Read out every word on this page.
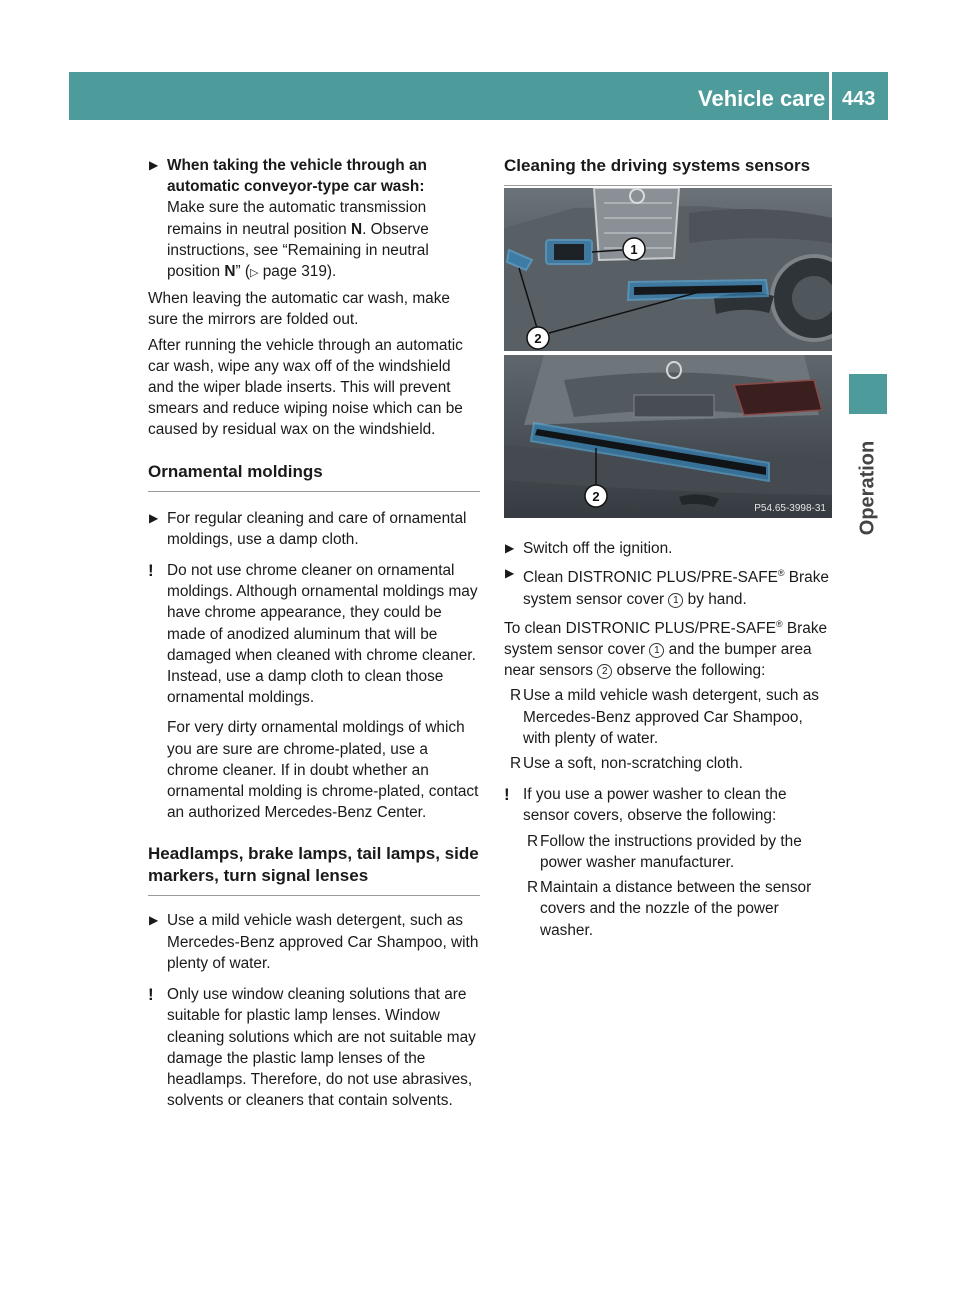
Vehicle care 443
Operation

▶ When taking the vehicle through an automatic conveyor-type car wash:
Make sure the automatic transmission remains in neutral position N. Observe instructions, see “Remaining in neutral position N” (▷ page 319).

When leaving the automatic car wash, make sure the mirrors are folded out.

After running the vehicle through an automatic car wash, wipe any wax off of the windshield and the wiper blade inserts. This will prevent smears and reduce wiping noise which can be caused by residual wax on the windshield.

Ornamental moldings

▶ For regular cleaning and care of ornamental moldings, use a damp cloth.

! Do not use chrome cleaner on ornamental moldings. Although ornamental moldings may have chrome appearance, they could be made of anodized aluminum that will be damaged when cleaned with chrome cleaner. Instead, use a damp cloth to clean those ornamental moldings.

For very dirty ornamental moldings of which you are sure are chrome-plated, use a chrome cleaner. If in doubt whether an ornamental molding is chrome-plated, contact an authorized Mercedes-Benz Center.

Headlamps, brake lamps, tail lamps, side markers, turn signal lenses

▶ Use a mild vehicle wash detergent, such as Mercedes-Benz approved Car Shampoo, with plenty of water.

! Only use window cleaning solutions that are suitable for plastic lamp lenses. Window cleaning solutions which are not suitable may damage the plastic lamp lenses of the headlamps. Therefore, do not use abrasives, solvents or cleaners that contain solvents.

Cleaning the driving systems sensors

1
2
2
P54.65-3998-31

▶ Switch off the ignition.

▶ Clean DISTRONIC PLUS/PRE-SAFE® Brake system sensor cover 1 by hand.

To clean DISTRONIC PLUS/PRE-SAFE® Brake system sensor cover 1 and the bumper area near sensors 2 observe the following:

R Use a mild vehicle wash detergent, such as Mercedes-Benz approved Car Shampoo, with plenty of water.

R Use a soft, non-scratching cloth.

! If you use a power washer to clean the sensor covers, observe the following:

R Follow the instructions provided by the power washer manufacturer.

R Maintain a distance between the sensor covers and the nozzle of the power washer.
